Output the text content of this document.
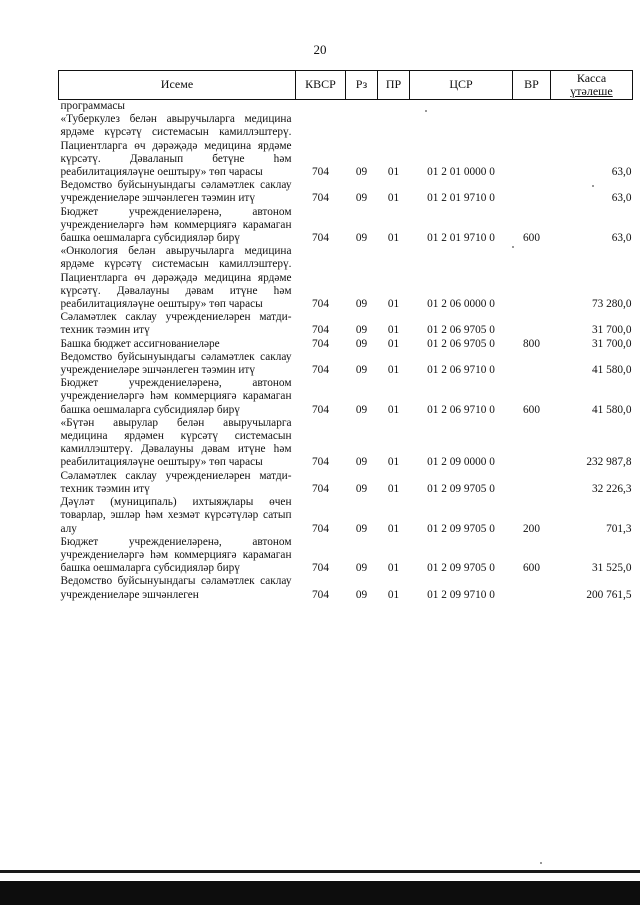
20
Исеме	КВСР	Рз	ПР	ЦСР	ВР	Касса
үтәлеше
программасы						
«Туберкулез белән авыручыларга медицина ярдәме күрсәтү системасын камиллэштерү. Пациентларга өч дәрәҗәдә медицина ярдәме күрсәтү. Дәваланып бетүне һәм реабилитацияләүне оештыру» төп чарасы	704	09	01	01 2 01 0000 0		63,0
Ведомство буйсынуындагы сәламәтлек саклау учреждениеләре эшчәнлеген тәэмин итү	704	09	01	01 2 01 9710 0		63,0
Бюджет учреждениеләренә, автоном учреждениеләргә һәм коммерциягә карамаган башка оешмаларга субсидияләр бирү	704	09	01	01 2 01 9710 0	600	63,0
«Онкология белән авыручыларга медицина ярдәме күрсәтү системасын камиллэштерү. Пациентларга өч дәрәҗәдә медицина ярдәме күрсәтү. Дәвалауны дәвам итүне һәм реабилитацияләүне оештыру» төп чарасы	704	09	01	01 2 06 0000 0		73 280,0
Сәламәтлек саклау учреждениеләрен матди-техник тәэмин итү	704	09	01	01 2 06 9705 0		31 700,0
Башка бюджет ассигнованиеләре	704	09	01	01 2 06 9705 0	800	31 700,0
Ведомство буйсынуындагы сәламәтлек саклау учреждениеләре эшчәнлеген тәэмин итү	704	09	01	01 2 06 9710 0		41 580,0
Бюджет учреждениеләренә, автоном учреждениеләргә һәм коммерциягә карамаган башка оешмаларга субсидияләр бирү	704	09	01	01 2 06 9710 0	600	41 580,0
«Бүтән авырулар белән авыручыларга медицина ярдәмен күрсәтү системасын камиллэштерү. Дәвалауны дәвам итүне һәм реабилитацияләүне оештыру» төп чарасы	704	09	01	01 2 09 0000 0		232 987,8
Сәламәтлек саклау учреждениеләрен матди-техник тәэмин итү	704	09	01	01 2 09 9705 0		32 226,3
Дәүләт (муниципаль) ихтыяҗлары өчен товарлар, эшләр һәм хезмәт күрсәтүләр сатып алу	704	09	01	01 2 09 9705 0	200	701,3
Бюджет учреждениеләренә, автоном учреждениеләргә һәм коммерциягә карамаган башка оешмаларга субсидияләр бирү	704	09	01	01 2 09 9705 0	600	31 525,0
Ведомство буйсынуындагы сәламәтлек саклау учреждениеләре эшчәнлеген	704	09	01	01 2 09 9710 0		200 761,5
